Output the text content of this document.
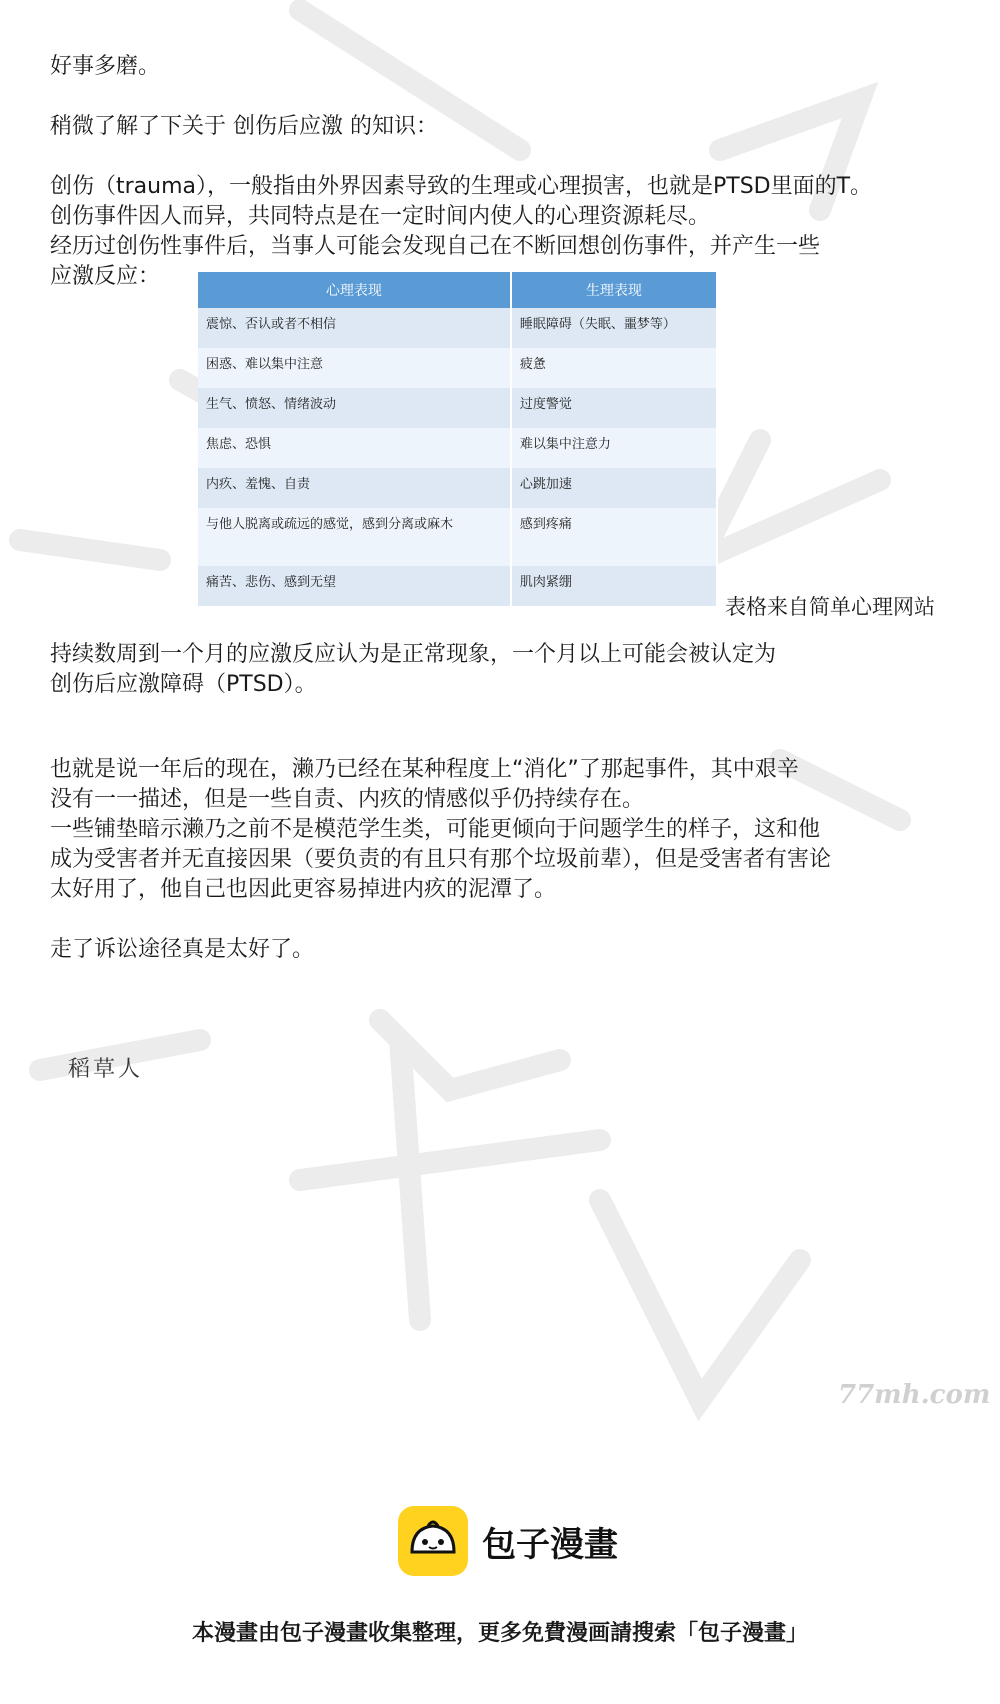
好事多磨。

稍微了解了下关于 创伤后应激 的知识：

创伤（trauma），一般指由外界因素导致的生理或心理损害，也就是PTSD里面的T。

创伤事件因人而异，共同特点是在一定时间内使人的心理资源耗尽。

经历过创伤性事件后，当事人可能会发现自己在不断回想创伤事件，并产生一些

应激反应：

心理表现	生理表现
震惊、否认或者不相信	睡眠障碍（失眠、噩梦等）
困惑、难以集中注意	疲惫
生气、愤怒、情绪波动	过度警觉
焦虑、恐惧	难以集中注意力
内疚、羞愧、自责	心跳加速
与他人脱离或疏远的感觉，感到分离或麻木	感到疼痛
痛苦、悲伤、感到无望	肌肉紧绷
表格来自简单心理网站

持续数周到一个月的应激反应认为是正常现象，一个月以上可能会被认定为

创伤后应激障碍（PTSD）。

也就是说一年后的现在，濑乃已经在某种程度上“消化”了那起事件，其中艰辛

没有一一描述，但是一些自责、内疚的情感似乎仍持续存在。

一些铺垫暗示濑乃之前不是模范学生类，可能更倾向于问题学生的样子，这和他

成为受害者并无直接因果（要负责的有且只有那个垃圾前辈），但是受害者有害论

太好用了，他自己也因此更容易掉进内疚的泥潭了。

走了诉讼途径真是太好了。

稻草人
77mh.com
包子漫畫
本漫畫由包子漫畫收集整理，更多免費漫画請搜索「包子漫畫」
